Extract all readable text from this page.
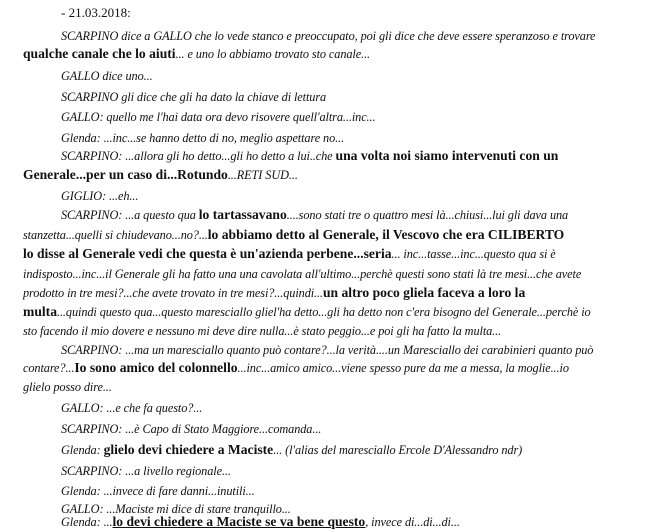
- 21.03.2018:
SCARPINO dice a GALLO che lo vede stanco e preoccupato, poi gli dice che deve essere speranzoso e trovare
qualche canale che lo aiuti... e uno lo abbiamo trovato sto canale...
GALLO dice uno...
SCARPINO gli dice che gli ha dato la chiave di lettura
GALLO: quello me l'hai data ora devo risovere quell'altra...inc...
Glenda: ...inc...se hanno detto di no, meglio aspettare no...
SCARPINO: ...allora gli ho detto...gli ho detto a lui..che una volta noi siamo intervenuti con un
Generale...per un caso di...Rotundo...RETI SUD...
GIGLIO: ...eh...
SCARPINO: ...a questo qua lo tartassavano....sono stati tre o quattro mesi là...chiusi...lui gli dava una
stanzetta...quelli si chiudevano...no?...lo abbiamo detto al Generale, il Vescovo che era CILIBERTO
lo disse al Generale vedi che questa è un'azienda perbene...seria... inc...tasse...inc...questo qua si è
indisposto...inc...il Generale gli ha fatto una una cavolata all'ultimo...perchè questi sono stati là tre mesi...che avete
prodotto in tre mesi?...che avete trovato in tre mesi?...quindi...un altro poco gliela faceva a loro la
multa...quindi questo qua...questo maresciallo gliel'ha detto...gli ha detto non c'era bisogno del Generale...perchè io
sto facendo il mio dovere e nessuno mi deve dire nulla...è stato peggio...e poi gli ha fatto la multa...
SCARPINO: ...ma un maresciallo quanto può contare?...la verità....un Maresciallo dei carabinieri quanto può
contare?...Io sono amico del colonnello...inc...amico amico...viene spesso pure da me a messa, la moglie...io
glielo posso dire...
GALLO: ...e che fa questo?...
SCARPINO: ...è Capo di Stato Maggiore...comanda...
Glenda: glielo devi chiedere a Maciste... (l'alias del maresciallo Ercole D'Alessandro ndr)
SCARPINO: ...a livello regionale...
Glenda: ...invece di fare danni...inutili...
GALLO: ...Maciste mi dice di stare tranquillo...
Glenda: ...lo devi chiedere a Maciste se va bene questo, invece di...di...di...
